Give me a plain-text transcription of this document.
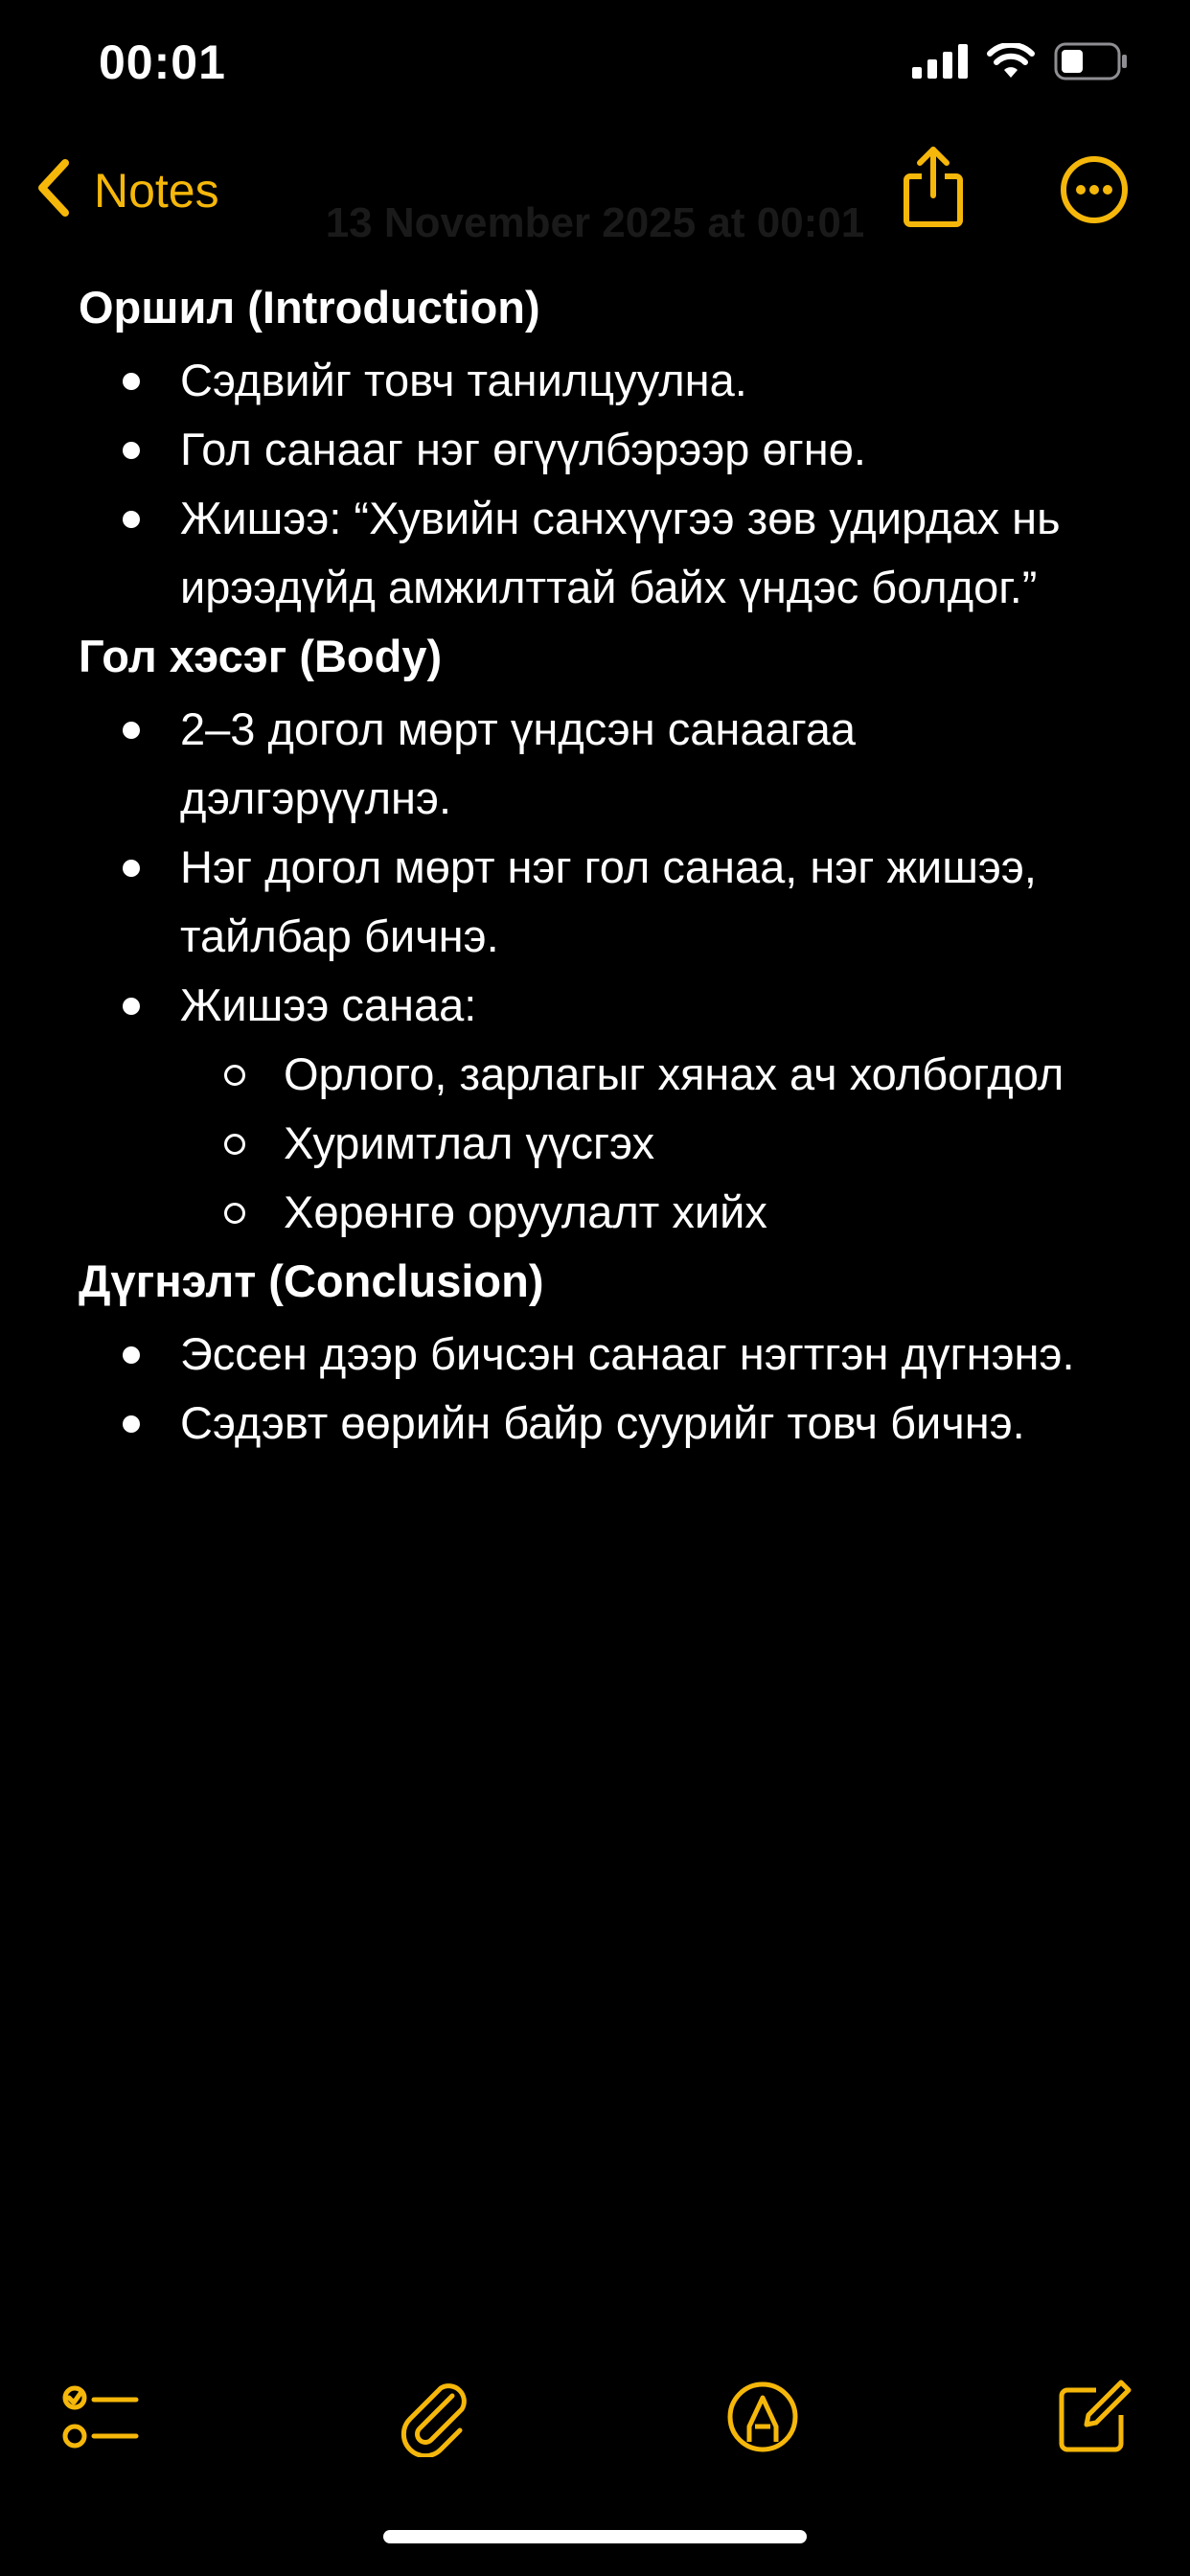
00:01
13 November 2025 at 00:01
Notes
Оршил (Introduction)
Сэдвийг товч танилцуулна.
Гол санааг нэг өгүүлбэрээр өгнө.
Жишээ: “Хувийн санхүүгээ зөв удирдах нь ирээдүйд амжилттай байх үндэс болдог.”
Гол хэсэг (Body)
2–3 догол мөрт үндсэн санаагаа дэлгэрүүлнэ.
Нэг догол мөрт нэг гол санаа, нэг жишээ, тайлбар бичнэ.
Жишээ санаа:
Орлого, зарлагыг хянах ач холбогдол
Хуримтлал үүсгэх
Хөрөнгө оруулалт хийх
Дүгнэлт (Conclusion)
Эссен дээр бичсэн санааг нэгтгэн дүгнэнэ.
Сэдэвт өөрийн байр суурийг товч бичнэ.
